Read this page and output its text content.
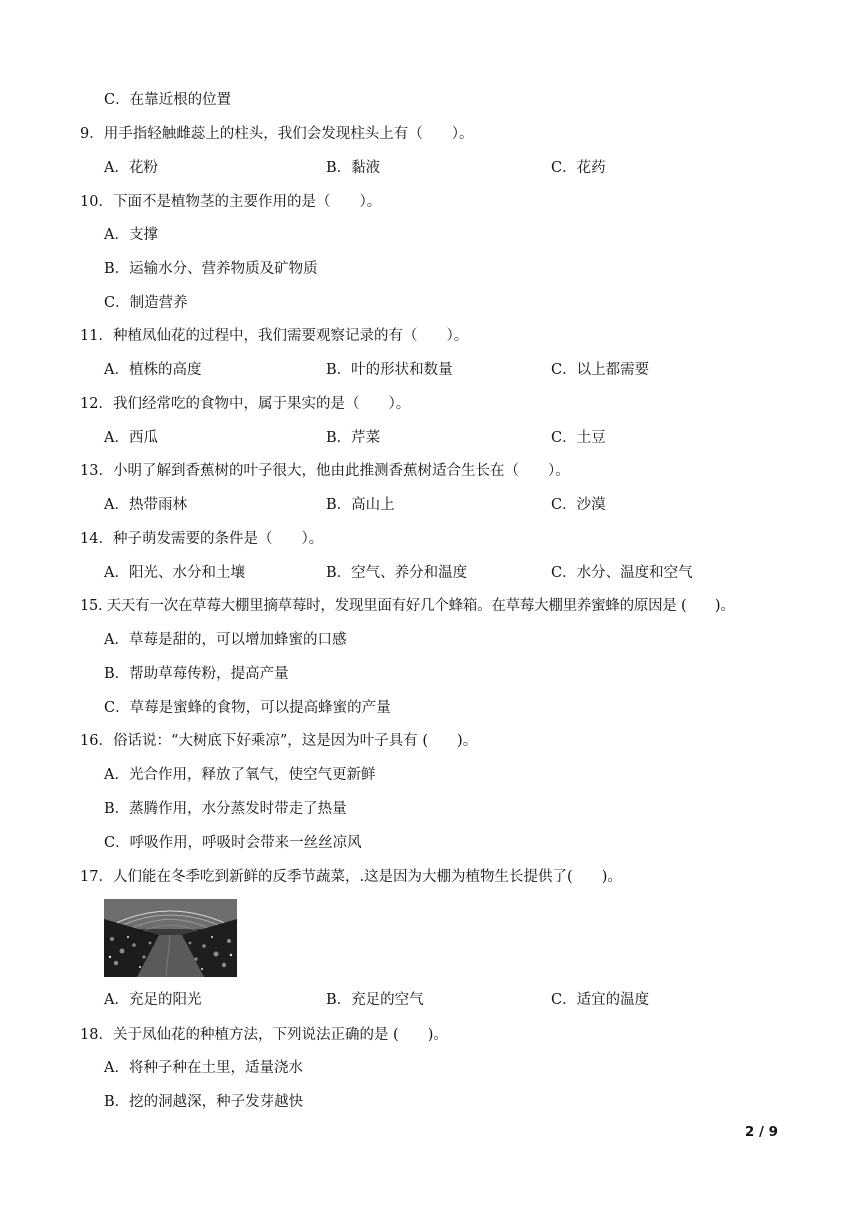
C．在靠近根的位置
9．用手指轻触雌蕊上的柱头，我们会发现柱头上有（　　）。
A．花粉	B．黏液	C．花药
10．下面不是植物茎的主要作用的是（　　）。
A．支撑
B．运输水分、营养物质及矿物质
C．制造营养
11．种植凤仙花的过程中，我们需要观察记录的有（　　）。
A．植株的高度	B．叶的形状和数量	C．以上都需要
12．我们经常吃的食物中，属于果实的是（　　）。
A．西瓜	B．芹菜	C．土豆
13．小明了解到香蕉树的叶子很大，他由此推测香蕉树适合生长在（　　）。
A．热带雨林	B．高山上	C．沙漠
14．种子萌发需要的条件是（　　）。
A．阳光、水分和土壤	B．空气、养分和温度	C．水分、温度和空气
15. 天天有一次在草莓大棚里摘草莓时，发现里面有好几个蜂箱。在草莓大棚里养蜜蜂的原因是 (　　)。
A．草莓是甜的，可以增加蜂蜜的口感
B．帮助草莓传粉，提高产量
C．草莓是蜜蜂的食物，可以提高蜂蜜的产量
16．俗话说：“大树底下好乘凉”，这是因为叶子具有 (　　)。
A．光合作用，释放了氧气，使空气更新鲜
B．蒸腾作用，水分蒸发时带走了热量
C．呼吸作用，呼吸时会带来一丝丝凉风
17．人们能在冬季吃到新鲜的反季节蔬菜，.这是因为大棚为植物生长提供了(　　)。
A．充足的阳光	B．充足的空气	C．适宜的温度
18．关于凤仙花的种植方法，下列说法正确的是 (　　)。
A．将种子种在土里，适量浇水
B．挖的洞越深，种子发芽越快
2 / 9
